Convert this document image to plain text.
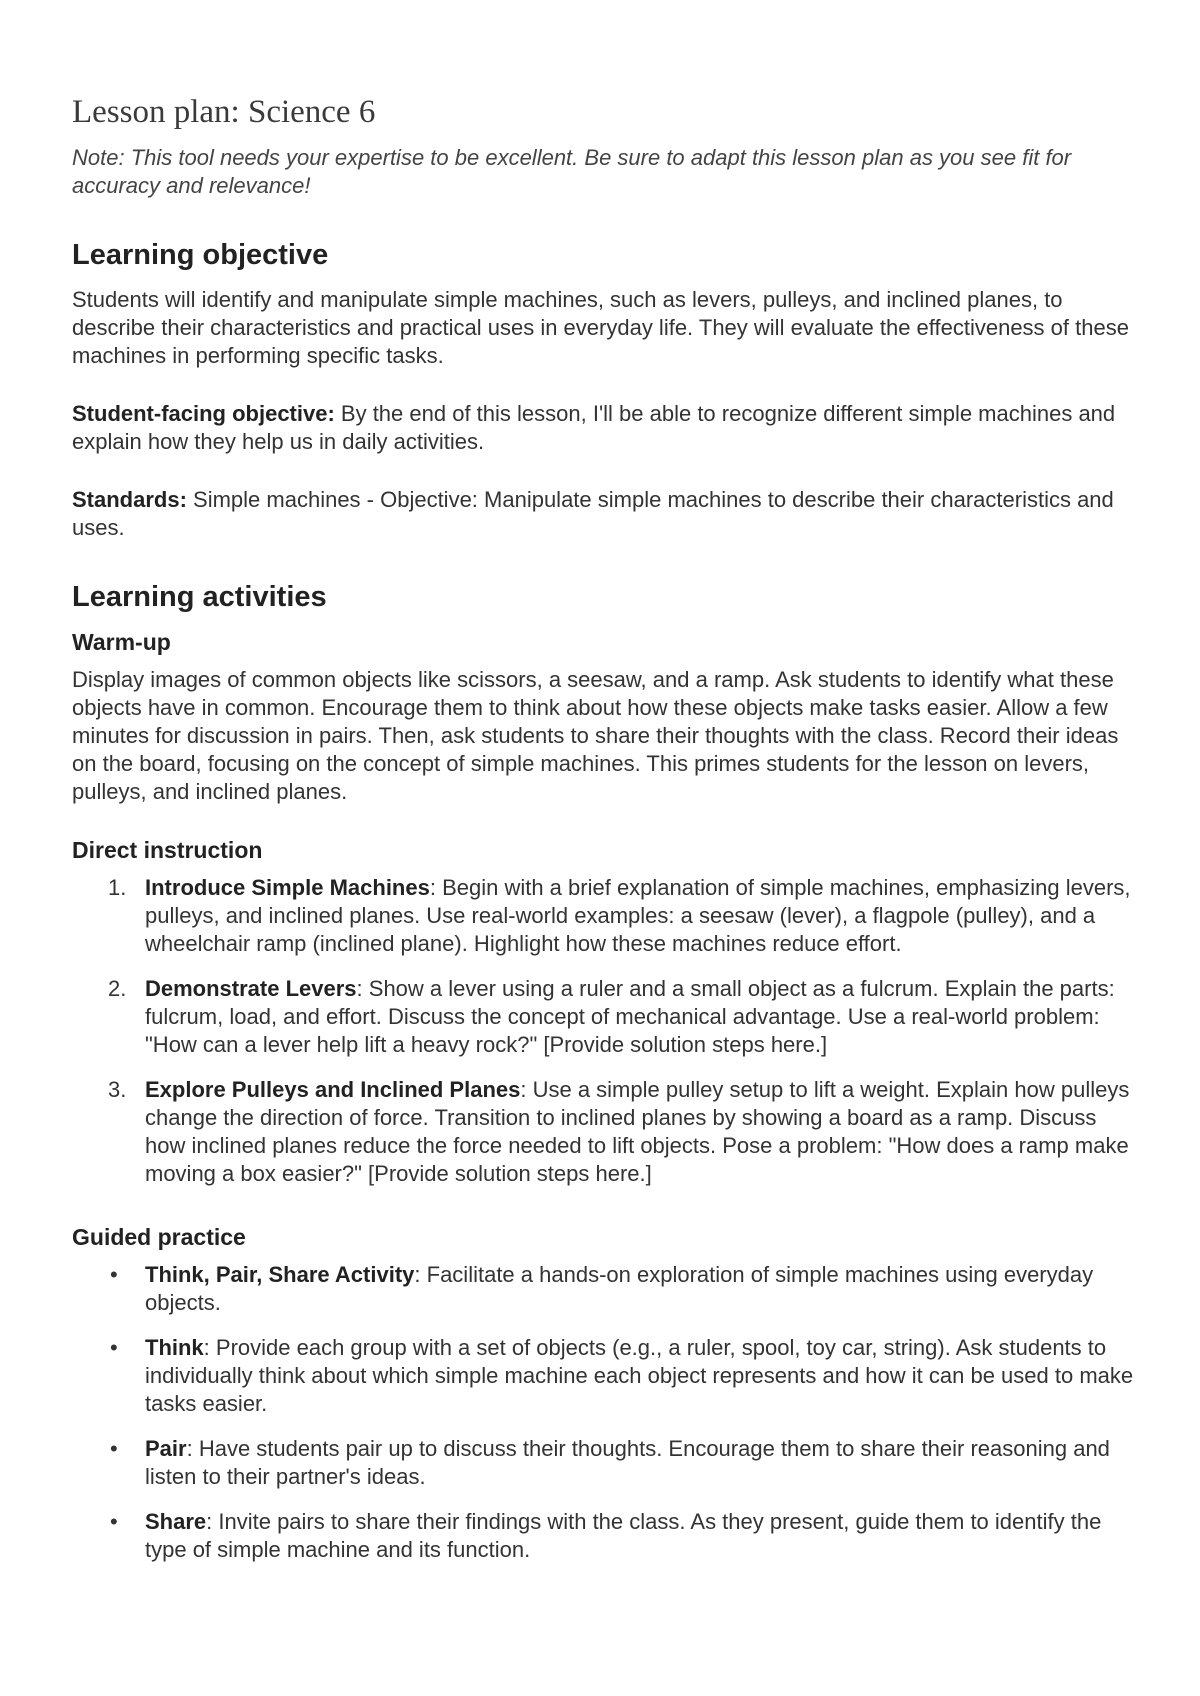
Lesson plan: Science 6

Note: This tool needs your expertise to be excellent. Be sure to adapt this lesson plan as you see fit for accuracy and relevance!

Learning objective

Students will identify and manipulate simple machines, such as levers, pulleys, and inclined planes, to describe their characteristics and practical uses in everyday life. They will evaluate the effectiveness of these machines in performing specific tasks.

Student-facing objective: By the end of this lesson, I'll be able to recognize different simple machines and explain how they help us in daily activities.

Standards: Simple machines - Objective: Manipulate simple machines to describe their characteristics and uses.

Learning activities
Warm-up

Display images of common objects like scissors, a seesaw, and a ramp. Ask students to identify what these objects have in common. Encourage them to think about how these objects make tasks easier. Allow a few minutes for discussion in pairs. Then, ask students to share their thoughts with the class. Record their ideas on the board, focusing on the concept of simple machines. This primes students for the lesson on levers, pulleys, and inclined planes.

Direct instruction
1. Introduce Simple Machines: Begin with a brief explanation of simple machines, emphasizing levers, pulleys, and inclined planes. Use real-world examples: a seesaw (lever), a flagpole (pulley), and a wheelchair ramp (inclined plane). Highlight how these machines reduce effort.
2. Demonstrate Levers: Show a lever using a ruler and a small object as a fulcrum. Explain the parts: fulcrum, load, and effort. Discuss the concept of mechanical advantage. Use a real-world problem: "How can a lever help lift a heavy rock?" [Provide solution steps here.]
3. Explore Pulleys and Inclined Planes: Use a simple pulley setup to lift a weight. Explain how pulleys change the direction of force. Transition to inclined planes by showing a board as a ramp. Discuss how inclined planes reduce the force needed to lift objects. Pose a problem: "How does a ramp make moving a box easier?" [Provide solution steps here.]
Guided practice
• Think, Pair, Share Activity: Facilitate a hands-on exploration of simple machines using everyday objects.
• Think: Provide each group with a set of objects (e.g., a ruler, spool, toy car, string). Ask students to individually think about which simple machine each object represents and how it can be used to make tasks easier.
• Pair: Have students pair up to discuss their thoughts. Encourage them to share their reasoning and listen to their partner's ideas.
• Share: Invite pairs to share their findings with the class. As they present, guide them to identify the type of simple machine and its function.
